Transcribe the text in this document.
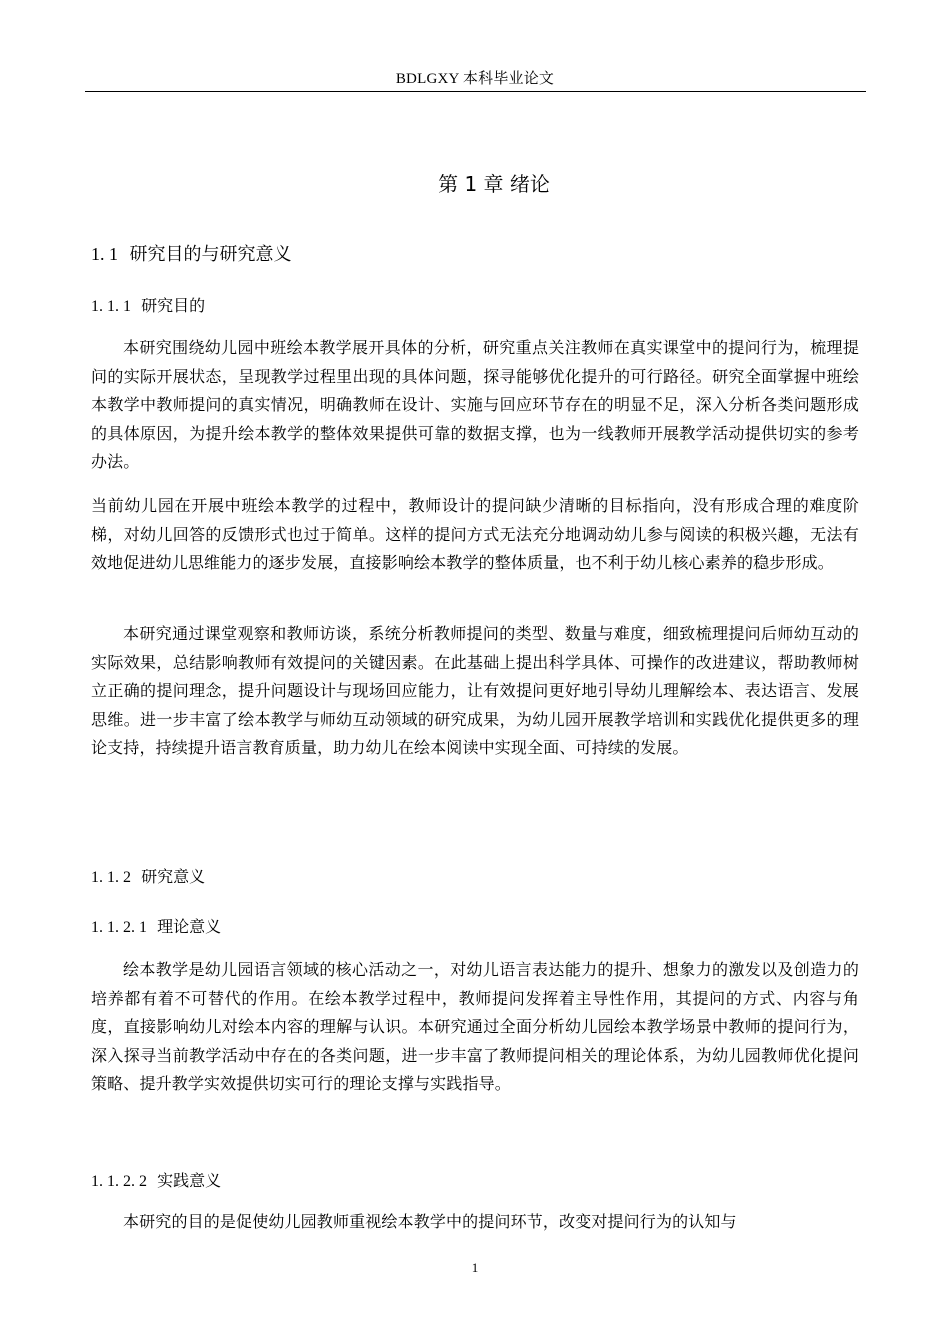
BDLGXY 本科毕业论文
第 1 章 绪论
1. 1 研究目的与研究意义
1. 1. 1 研究目的

本研究围绕幼儿园中班绘本教学展开具体的分析，研究重点关注教师在真实课堂中的提问行为，梳理提问的实际开展状态，呈现教学过程里出现的具体问题，探寻能够优化提升的可行路径。研究全面掌握中班绘本教学中教师提问的真实情况，明确教师在设计、实施与回应环节存在的明显不足，深入分析各类问题形成的具体原因，为提升绘本教学的整体效果提供可靠的数据支撑，也为一线教师开展教学活动提供切实的参考办法。

当前幼儿园在开展中班绘本教学的过程中，教师设计的提问缺少清晰的目标指向，没有形成合理的难度阶梯，对幼儿回答的反馈形式也过于简单。这样的提问方式无法充分地调动幼儿参与阅读的积极兴趣，无法有效地促进幼儿思维能力的逐步发展，直接影响绘本教学的整体质量，也不利于幼儿核心素养的稳步形成。

本研究通过课堂观察和教师访谈，系统分析教师提问的类型、数量与难度，细致梳理提问后师幼互动的实际效果，总结影响教师有效提问的关键因素。在此基础上提出科学具体、可操作的改进建议，帮助教师树立正确的提问理念，提升问题设计与现场回应能力，让有效提问更好地引导幼儿理解绘本、表达语言、发展思维。进一步丰富了绘本教学与师幼互动领域的研究成果，为幼儿园开展教学培训和实践优化提供更多的理论支持，持续提升语言教育质量，助力幼儿在绘本阅读中实现全面、可持续的发展。

1. 1. 2 研究意义
1. 1. 2. 1 理论意义

绘本教学是幼儿园语言领域的核心活动之一，对幼儿语言表达能力的提升、想象力的激发以及创造力的培养都有着不可替代的作用。在绘本教学过程中，教师提问发挥着主导性作用，其提问的方式、内容与角度，直接影响幼儿对绘本内容的理解与认识。本研究通过全面分析幼儿园绘本教学场景中教师的提问行为，深入探寻当前教学活动中存在的各类问题，进一步丰富了教师提问相关的理论体系，为幼儿园教师优化提问策略、提升教学实效提供切实可行的理论支撑与实践指导。

1. 1. 2. 2 实践意义

本研究的目的是促使幼儿园教师重视绘本教学中的提问环节，改变对提问行为的认知与

1
